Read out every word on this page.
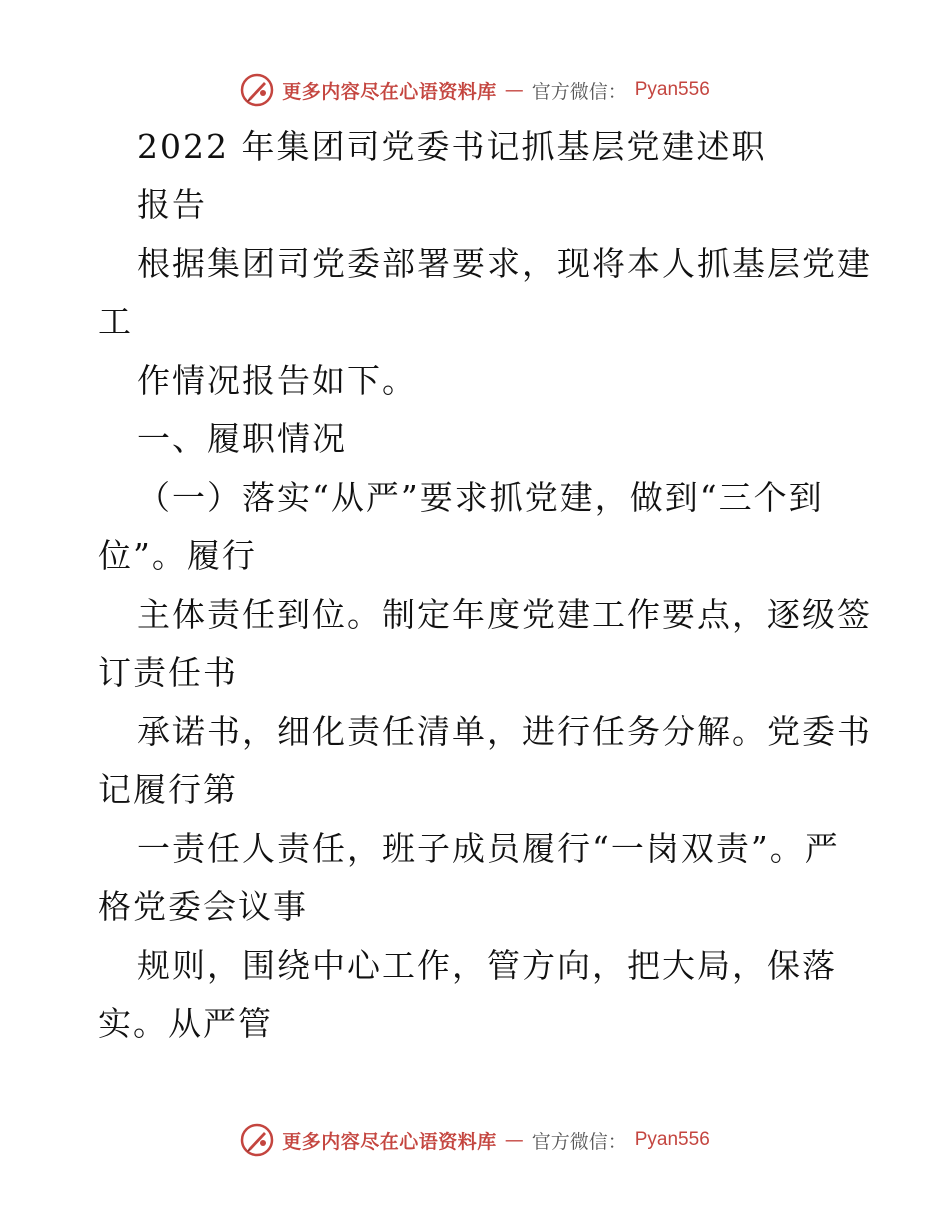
更多内容尽在心语资料库 — 官方微信： Pyan556
2022 年集团司党委书记抓基层党建述职
报告
根据集团司党委部署要求，现将本人抓基层党建
工
作情况报告如下。
一、履职情况
（一）落实“从严”要求抓党建，做到“三个到
位”。履行
主体责任到位。制定年度党建工作要点，逐级签
订责任书
承诺书，细化责任清单，进行任务分解。党委书
记履行第
一责任人责任，班子成员履行“一岗双责”。严
格党委会议事
规则，围绕中心工作，管方向，把大局，保落
实。从严管
更多内容尽在心语资料库 — 官方微信： Pyan556
